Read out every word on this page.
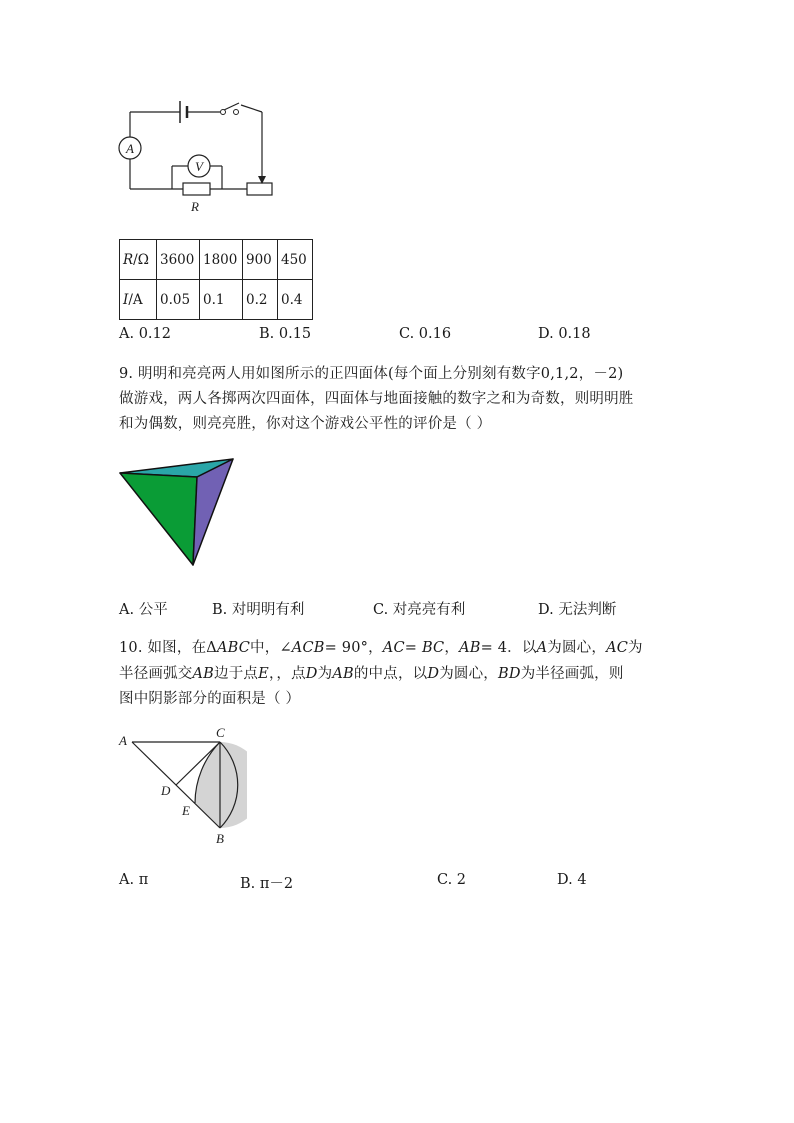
A
V
R
R/Ω	3600	1800	900	450
I/A	0.05	0.1	0.2	0.4
A. 0.12	B. 0.15	C. 0.16	D. 0.18
9. 明明和亮亮两人用如图所示的正四面体(每个面上分别刻有数字0,1,2，－2)
做游戏，两人各掷两次四面体，四面体与地面接触的数字之和为奇数，则明明胜
和为偶数，则亮亮胜，你对这个游戏公平性的评价是（ ）
A. 公平	B. 对明明有利	C. 对亮亮有利	D. 无法判断
10. 如图，在ΔABC中，∠ACB= 90°，AC= BC，AB= 4．以A为圆心，AC为
半径画弧交AB边于点E，，点D为AB的中点，以D为圆心，BD为半径画弧，则
图中阴影部分的面积是（ ）
A
C
D
E
B
A. π	B. π－2	C. 2	D. 4
